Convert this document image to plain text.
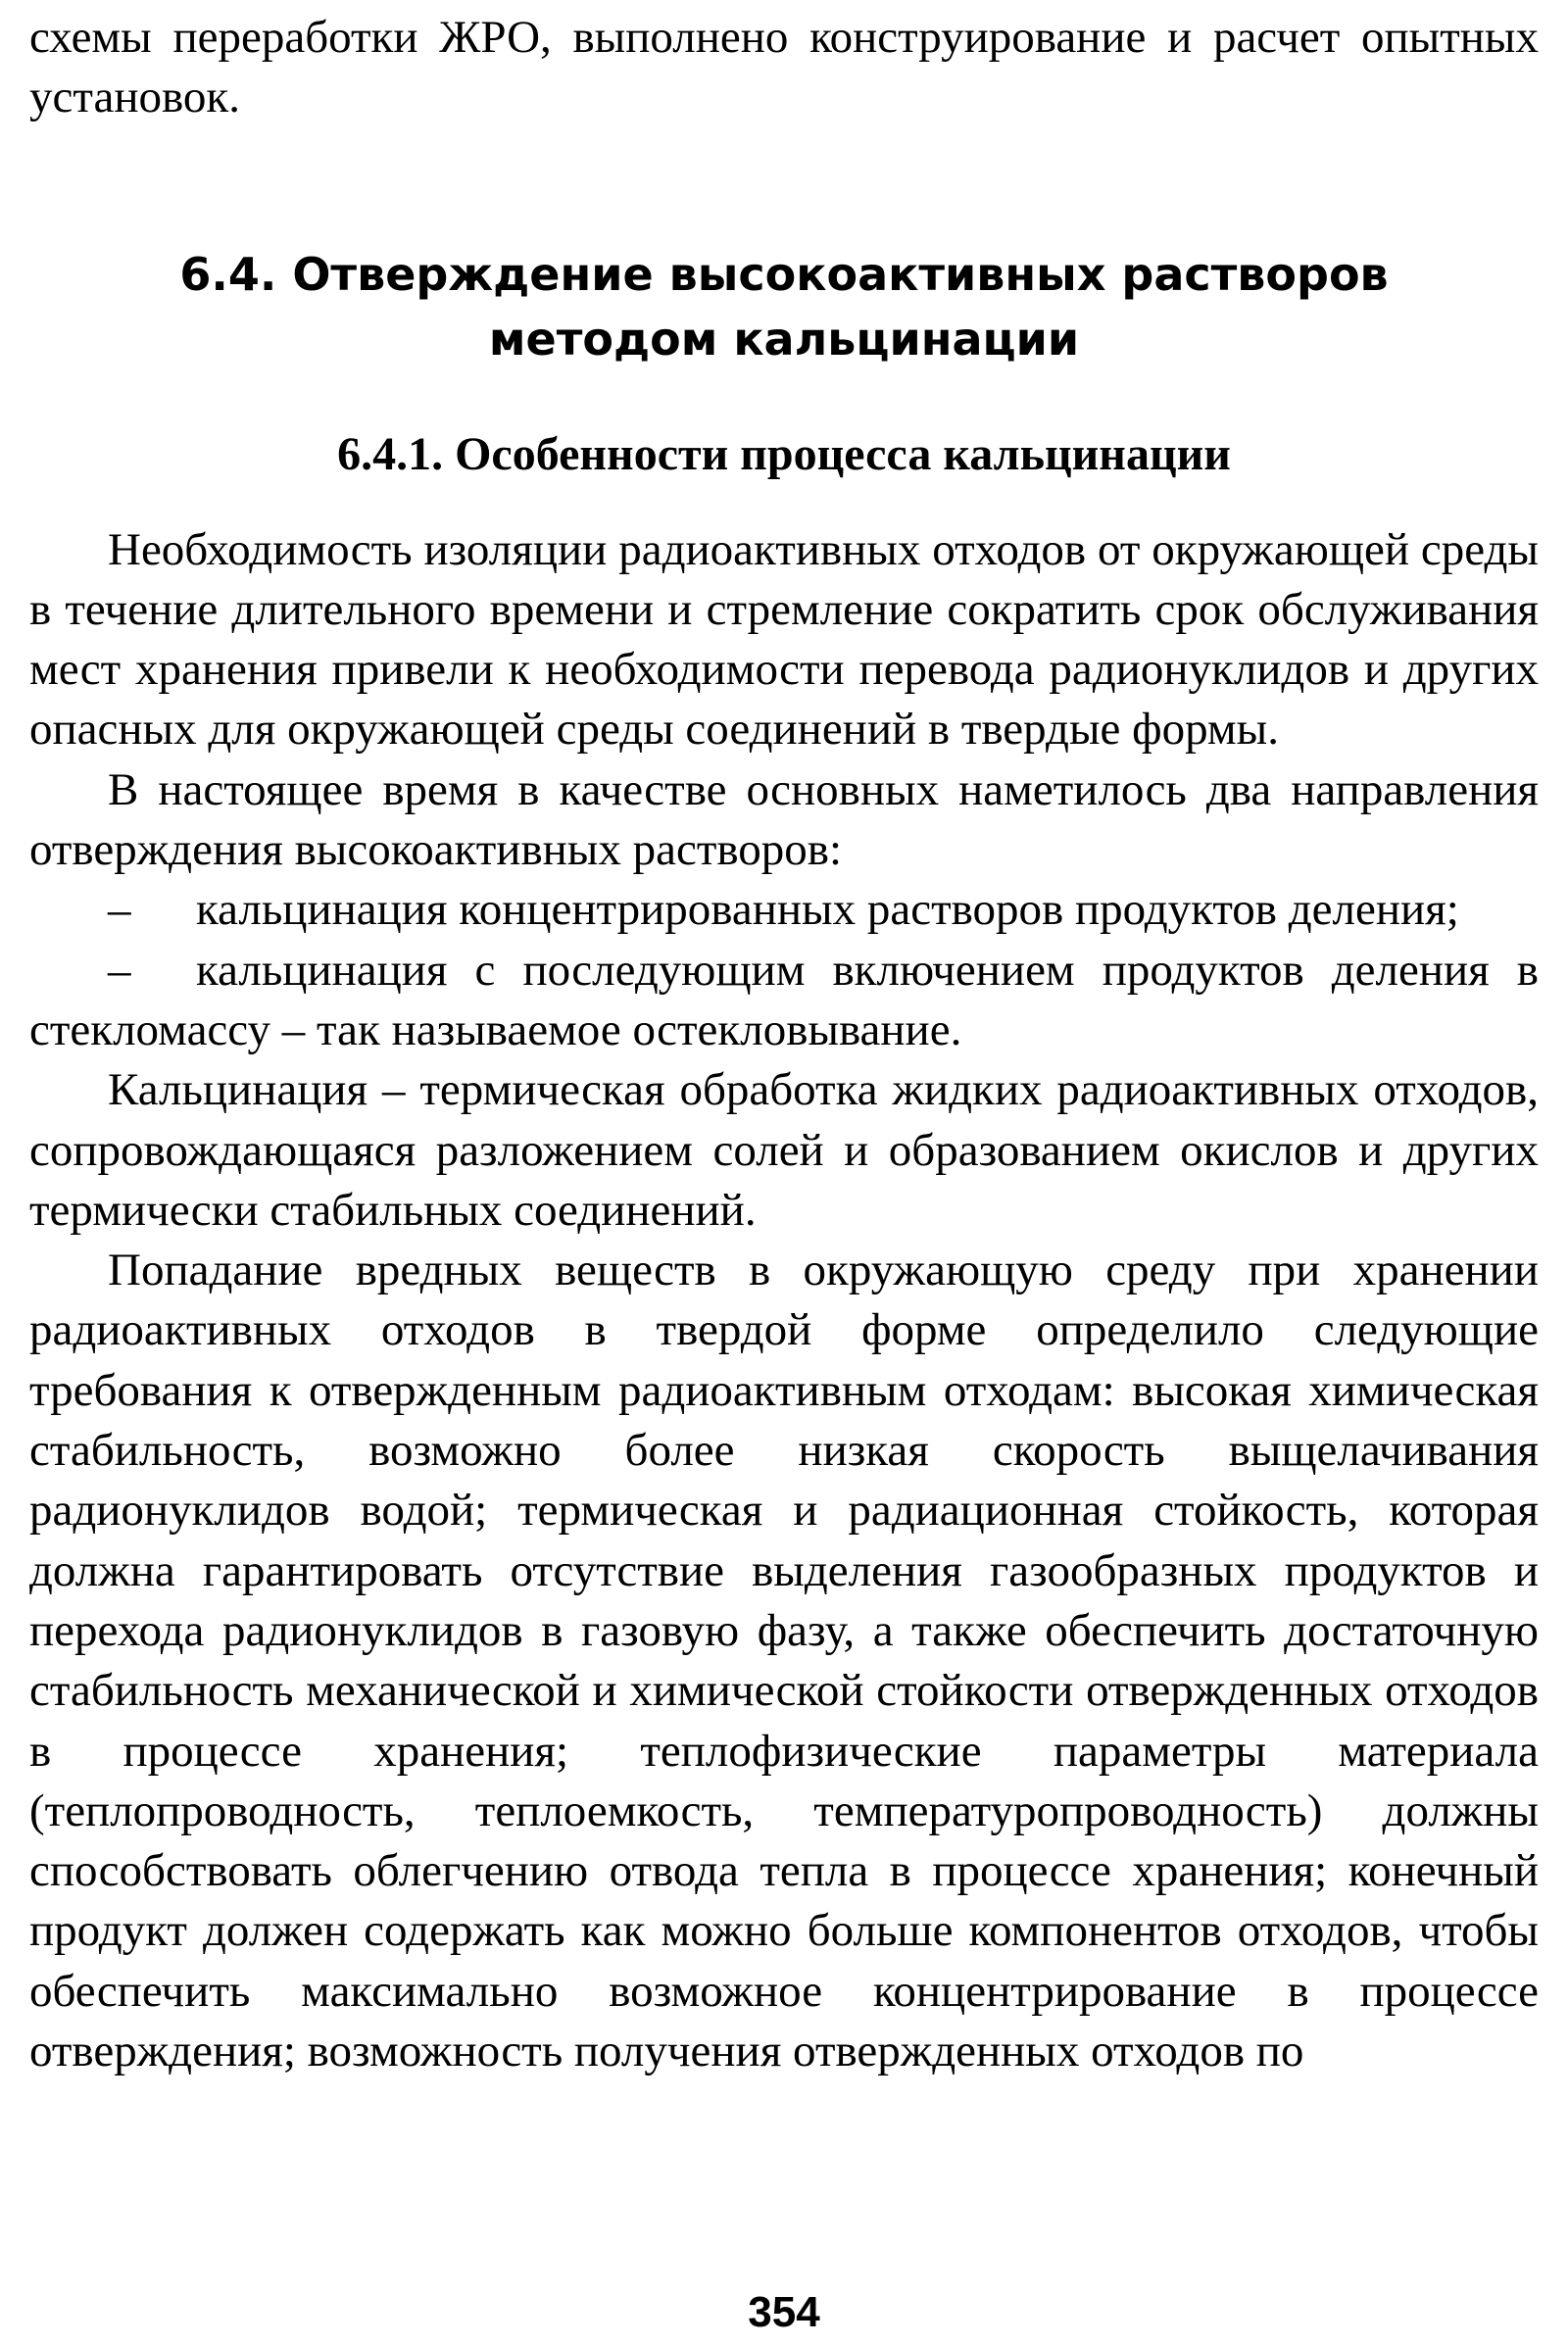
схемы переработки ЖРО, выполнено конструирование и расчет опытных установок.

6.4. Отверждение высокоактивных растворов
методом кальцинации
6.4.1. Особенности процесса кальцинации

Необходимость изоляции радиоактивных отходов от окружающей среды в течение длительного времени и стремление сократить срок обслуживания мест хранения привели к необходимости перевода радионуклидов и других опасных для окружающей среды соединений в твердые формы.

В настоящее время в качестве основных наметилось два направления отверждения высокоактивных растворов:

– кальцинация концентрированных растворов продуктов деления;

– кальцинация с последующим включением продуктов деления в стекломассу – так называемое остекловывание.

Кальцинация – термическая обработка жидких радиоактивных отходов, сопровождающаяся разложением солей и образованием окислов и других термически стабильных соединений.

Попадание вредных веществ в окружающую среду при хранении радиоактивных отходов в твердой форме определило следующие требования к отвержденным радиоактивным отходам: высокая химическая стабильность, возможно более низкая скорость выщелачивания радионуклидов водой; термическая и радиационная стойкость, которая должна гарантировать отсутствие выделения газообразных продуктов и перехода радионуклидов в газовую фазу, а также обеспечить достаточную стабильность механической и химической стойкости отвержденных отходов в процессе хранения; теплофизические параметры материала (теплопроводность, теплоемкость, температуропроводность) должны способствовать облегчению отвода тепла в процессе хранения; конечный продукт должен содержать как можно больше компонентов отходов, чтобы обеспечить максимально возможное концентрирование в процессе отверждения; возможность получения отвержденных отходов по

354
